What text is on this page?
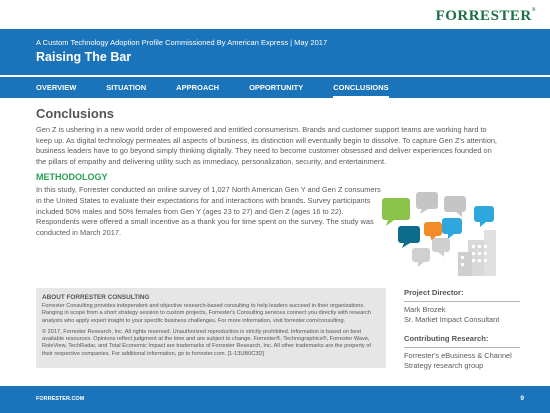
FORRESTER®
A Custom Technology Adoption Profile Commissioned By American Express | May 2017
Raising The Bar
OVERVIEW	SITUATION	APPROACH	OPPORTUNITY	CONCLUSIONS
Conclusions

Gen Z is ushering in a new world order of empowered and entitled consumerism. Brands and customer support teams are working hard to keep up. As digital technology permeates all aspects of business, its distinction will eventually begin to dissolve. To capture Gen Z's attention, business leaders have to go beyond simply thinking digitally. They need to become customer obsessed and deliver experiences founded on the pillars of empathy and delivering utility such as immediacy, personalization, security, and entertainment.

METHODOLOGY

In this study, Forrester conducted an online survey of 1,027 North American Gen Y and Gen Z consumers in the United States to evaluate their expectations for and interactions with brands. Survey participants included 50% males and 50% females from Gen Y (ages 23 to 27) and Gen Z (ages 16 to 22). Respondents were offered a small incentive as a thank you for time spent on the survey. The study was conducted in March 2017.

ABOUT FORRESTER CONSULTING

Forrester Consulting provides independent and objective research-based consulting to help leaders succeed in their organizations. Ranging in scope from a short strategy session to custom projects, Forrester's Consulting services connect you directly with research analysts who apply expert insight to your specific business challenges. For more information, visit forrester.com/consulting.

© 2017, Forrester Research, Inc. All rights reserved. Unauthorized reproduction is strictly prohibited. Information is based on best available resources. Opinions reflect judgment at the time and are subject to change. Forrester®, Technographics®, Forrester Wave, RoleView, TechRadar, and Total Economic Impact are trademarks of Forrester Research, Inc. All other trademarks are the property of their respective companies. For additional information, go to forrester.com. [1-13UB0C3D]

Project Director:
Mark Brozek
Sr. Market Impact Consultant
Contributing Research:
Forrester's eBusiness & Channel Strategy research group
FORRESTER.COM	9
